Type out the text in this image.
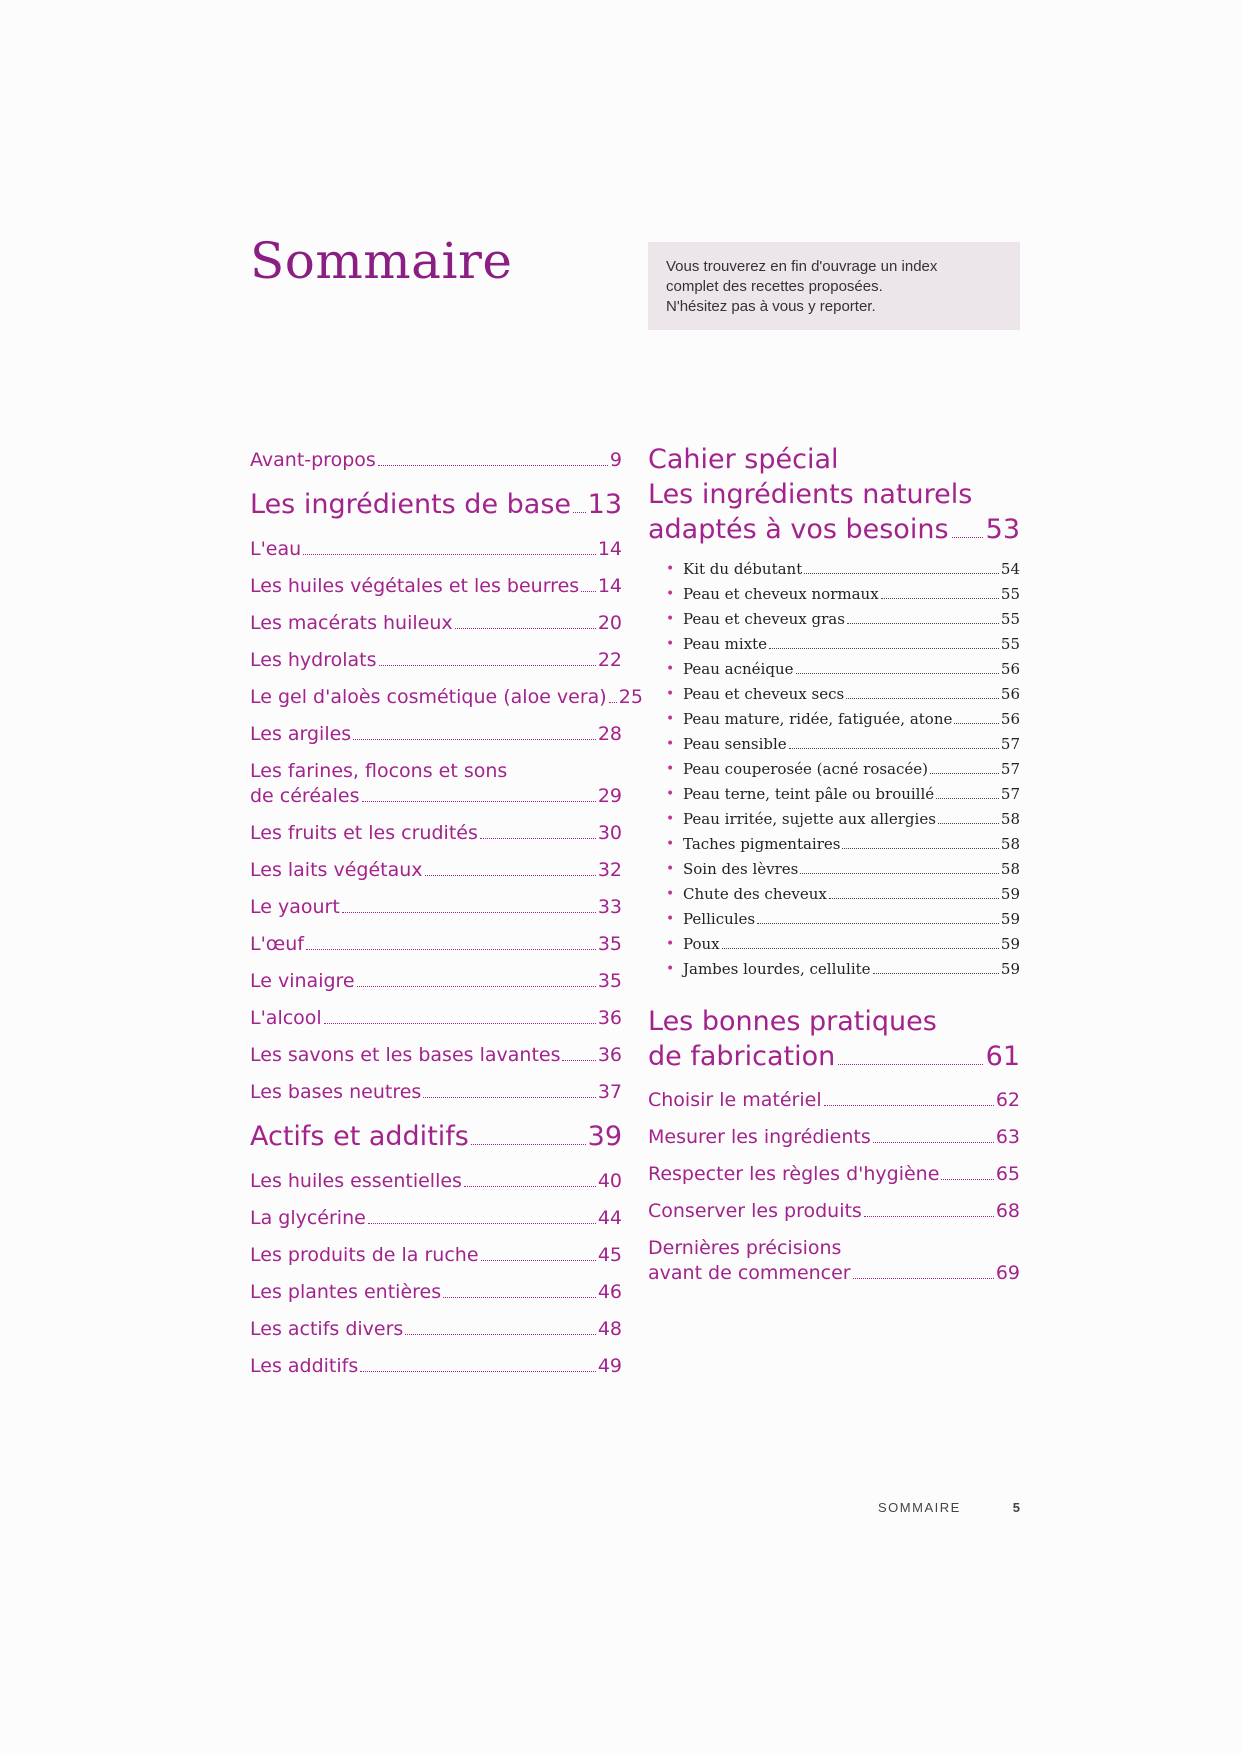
Sommaire	Vous trouverez en fin d'ouvrage un index
complet des recettes proposées.
N'hésitez pas à vous y reporter.
Avant-propos	9
Les ingrédients de base 13
L'eau	14
Les huiles végétales et les beurres 14
Les macérats huileux	20
Les hydrolats	22
Le gel d'aloès cosmétique (aloe vera) 25
Les argiles	28
Les farines, flocons et sons
de céréales	29
Les fruits et les crudités	30
Les laits végétaux	32
Le yaourt	33
L'œuf	35
Le vinaigre	35
L'alcool	36
Les savons et les bases lavantes 36
Les bases neutres	37
Actifs et additifs	39
Les huiles essentielles	40
La glycérine	44
Les produits de la ruche	45
Les plantes entières	46
Les actifs divers	48
Les additifs	49
Cahier spécial
Les ingrédients naturels
adaptés à vos besoins 53
• Kit du débutant	54
• Peau et cheveux normaux	55
• Peau et cheveux gras	55
• Peau mixte	55
• Peau acnéique	56
• Peau et cheveux secs	56
• Peau mature, ridée, fatiguée, atone	56
• Peau sensible	57
• Peau couperosée (acné rosacée)	57
• Peau terne, teint pâle ou brouillé	57
• Peau irritée, sujette aux allergies	58
• Taches pigmentaires	58
• Soin des lèvres	58
• Chute des cheveux	59
• Pellicules	59
• Poux	59
• Jambes lourdes, cellulite	59
Les bonnes pratiques
de fabrication	61
Choisir le matériel	62
Mesurer les ingrédients	63
Respecter les règles d'hygiène	65
Conserver les produits	68
Dernières précisions
avant de commencer	69
SOMMAIRE	5
